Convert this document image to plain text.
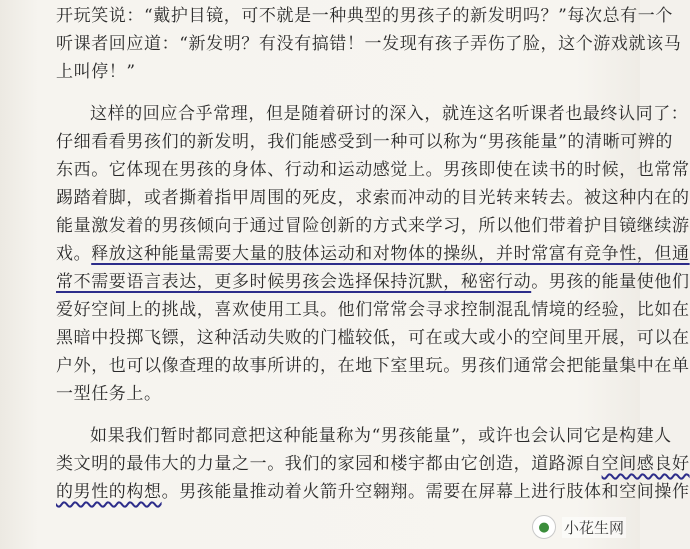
开玩笑说：“戴护目镜，可不就是一种典型的男孩子的新发明吗？”每次总有一个
听课者回应道：“新发明？有没有搞错！一发现有孩子弄伤了脸，这个游戏就该马
上叫停！”
这样的回应合乎常理，但是随着研讨的深入，就连这名听课者也最终认同了：
仔细看看男孩们的新发明，我们能感受到一种可以称为“男孩能量”的清晰可辨的
东西。它体现在男孩的身体、行动和运动感觉上。男孩即使在读书的时候，也常常
踢踏着脚，或者撕着指甲周围的死皮，求索而冲动的目光转来转去。被这种内在的
能量激发着的男孩倾向于通过冒险创新的方式来学习，所以他们带着护目镜继续游
戏。释放这种能量需要大量的肢体运动和对物体的操纵，并时常富有竞争性，但通
常不需要语言表达，更多时候男孩会选择保持沉默，秘密行动。男孩的能量使他们
爱好空间上的挑战，喜欢使用工具。他们常常会寻求控制混乱情境的经验，比如在
黑暗中投掷飞镖，这种活动失败的门槛较低，可在或大或小的空间里开展，可以在
户外，也可以像查理的故事所讲的，在地下室里玩。男孩们通常会把能量集中在单
一型任务上。
如果我们暂时都同意把这种能量称为“男孩能量”，或许也会认同它是构建人
类文明的最伟大的力量之一。我们的家园和楼宇都由它创造，道路源自空间感良好
的男性的构想。男孩能量推动着火箭升空翱翔。需要在屏幕上进行肢体和空间操作
● 小花生网
